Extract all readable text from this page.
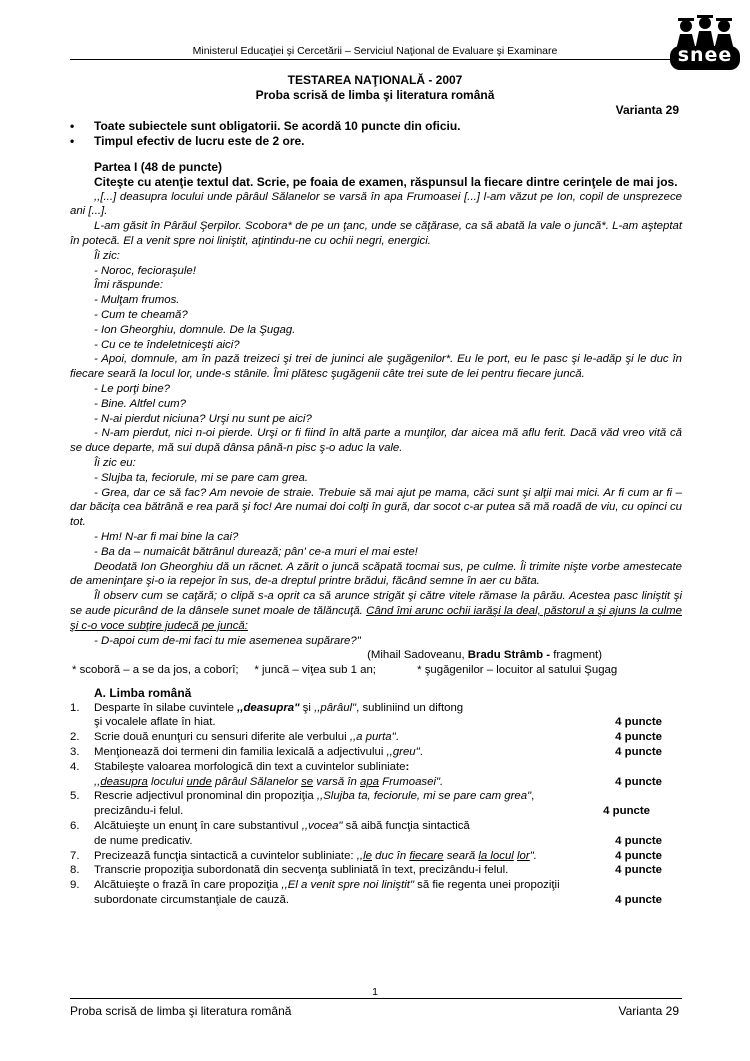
Ministerul Educaţiei şi Cercetării – Serviciul Naţional de Evaluare şi Examinare	snee
TESTAREA NAŢIONALĂ - 2007
Proba scrisă de limba şi literatura română
Varianta 29
• Toate subiectele sunt obligatorii. Se acordă 10 puncte din oficiu.
• Timpul efectiv de lucru este de 2 ore.

Partea I (48 de puncte)

Citeşte cu atenţie textul dat. Scrie, pe foaia de examen, răspunsul la fiecare dintre cerinţele de mai jos.

,,[...] deasupra locului unde pârâul Sălanelor se varsă în apa Frumoasei [...] l-am văzut pe Ion, copil de unsprezece ani [...].

L-am găsit în Pârăul Şerpilor. Scobora* de pe un ţanc, unde se căţărase, ca să abată la vale o juncă*. L-am aşteptat în potecă. El a venit spre noi liniştit, aţintindu-ne cu ochii negri, energici.

Îi zic:

- Noroc, fecioraşule!

Îmi răspunde:

- Mulţam frumos.

- Cum te cheamă?

- Ion Gheorghiu, domnule. De la Şugag.

- Cu ce te îndeletniceşti aici?

- Apoi, domnule, am în pază treizeci şi trei de juninci ale şugăgenilor*. Eu le port, eu le pasc şi le-adăp şi le duc în fiecare seară la locul lor, unde-s stânile. Îmi plătesc şugăgenii câte trei sute de lei pentru fiecare juncă.

- Le porţi bine?

- Bine. Altfel cum?

- N-ai pierdut niciuna? Urşi nu sunt pe aici?

- N-am pierdut, nici n-oi pierde. Urşi or fi fiind în altă parte a munţilor, dar aicea mă aflu ferit. Dacă văd vreo vită că se duce departe, mă sui după dânsa până-n pisc ş-o aduc la vale.

Îi zic eu:

- Slujba ta, feciorule, mi se pare cam grea.

- Grea, dar ce să fac? Am nevoie de straie. Trebuie să mai ajut pe mama, căci sunt şi alţii mai mici. Ar fi cum ar fi – dar băciţa cea bătrână e rea pară şi foc! Are numai doi colţi în gură, dar socot c-ar putea să mă roadă de viu, cu opinci cu tot.

- Hm! N-ar fi mai bine la cai?

- Ba da – numaicât bătrânul durează; pân' ce-a muri el mai este!

Deodată Ion Gheorghiu dă un răcnet. A zărit o juncă scăpată tocmai sus, pe culme. Îi trimite nişte vorbe amestecate de ameninţare şi-o ia repejor în sus, de-a dreptul printre brădui, făcând semne în aer cu băta.

Îl observ cum se caţără; o clipă s-a oprit ca să arunce strigăt şi către vitele rămase la pârău. Acestea pasc liniştit şi se aude picurând de la dânsele sunet moale de tălăncuţă. Când îmi arunc ochii iarăşi la deal, păstorul a şi ajuns la culme şi c-o voce subţire judecă pe juncă:

- D-apoi cum de-mi faci tu mie asemenea supărare?"

(Mihail Sadoveanu, Bradu Strâmb - fragment)

* scoboră – a se da jos, a coborî; * juncă – viţea sub 1 an;	* şugăgenilor – locuitor al satului Şugag

A. Limba română

1.	Desparte în silabe cuvintele ,,deasupra" şi ,,pârâul", subliniind un diftong
şi vocalele aflate în hiat.	4 puncte
2.	Scrie două enunţuri cu sensuri diferite ale verbului ,,a purta".	4 puncte
3.	Menţionează doi termeni din familia lexicală a adjectivului ,,greu".	4 puncte
4.	Stabileşte valoarea morfologică din text a cuvintelor subliniate:
,,deasupra locului unde pârâul Sălanelor se varsă în apa Frumoasei".	4 puncte
5.	Rescrie adjectivul pronominal din propoziţia ,,Slujba ta, feciorule, mi se pare cam grea",
precizându-i felul.	4 puncte
6.	Alcătuieşte un enunţ în care substantivul ,,vocea" să aibă funcţia sintactică
de nume predicativ.	4 puncte
7.	Precizează funcţia sintactică a cuvintelor subliniate: ,,le duc în fiecare seară la locul lor".	4 puncte
8.	Transcrie propoziţia subordonată din secvenţa subliniată în text, precizându-i felul.	4 puncte
9.	Alcătuieşte o frază în care propoziţia ,,El a venit spre noi liniştit" să fie regenta unei propoziţii
subordonate circumstanţiale de cauză.	4 puncte
1
Proba scrisă de limba şi literatura română	Varianta 29
